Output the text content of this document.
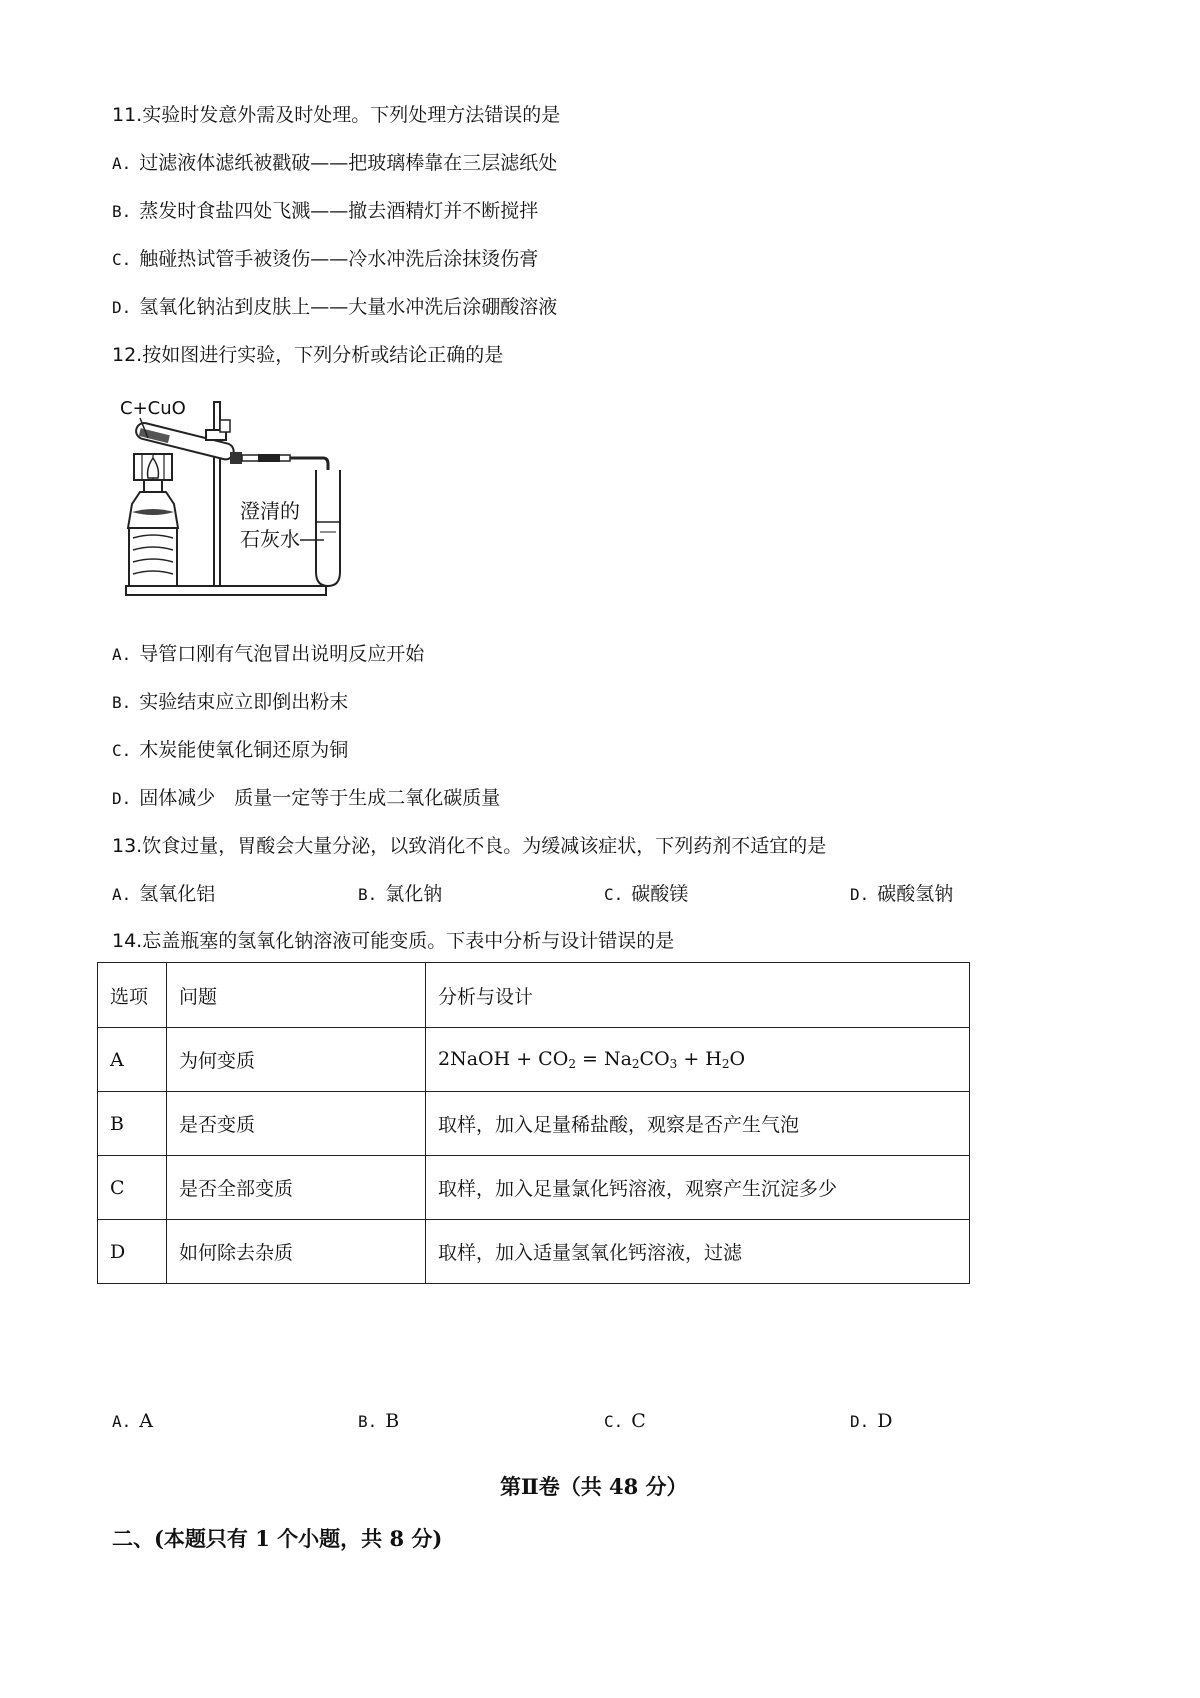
11.实验时发意外需及时处理。下列处理方法错误的是
A. 过滤液体滤纸被戳破——把玻璃棒靠在三层滤纸处
B. 蒸发时食盐四处飞溅——撤去酒精灯并不断搅拌
C. 触碰热试管手被烫伤——冷水冲洗后涂抹烫伤膏
D. 氢氧化钠沾到皮肤上——大量水冲洗后涂硼酸溶液
12.按如图进行实验，下列分析或结论正确的是
C+CuO
澄清的
石灰水
A. 导管口刚有气泡冒出说明反应开始
B. 实验结束应立即倒出粉末
C. 木炭能使氧化铜还原为铜
D. 固体减少　质量一定等于生成二氧化碳质量
13.饮食过量，胃酸会大量分泌，以致消化不良。为缓减该症状，下列药剂不适宜的是
A. 氢氧化铝	B. 氯化钠	C. 碳酸镁	D. 碳酸氢钠
14.忘盖瓶塞的氢氧化钠溶液可能变质。下表中分析与设计错误的是
选项	问题	分析与设计
A	为何变质	2NaOH + $CO_2 = Na_2CO_3 + H_2O$
B	是否变质	取样，加入足量稀盐酸，观察是否产生气泡
C	是否全部变质	取样，加入足量氯化钙溶液，观察产生沉淀多少
D	如何除去杂质	取样，加入适量氢氧化钙溶液，过滤
A. A	B. B	C. C	D. D
第Ⅱ卷（共 48 分）
二、(本题只有 1 个小题，共 8 分)
